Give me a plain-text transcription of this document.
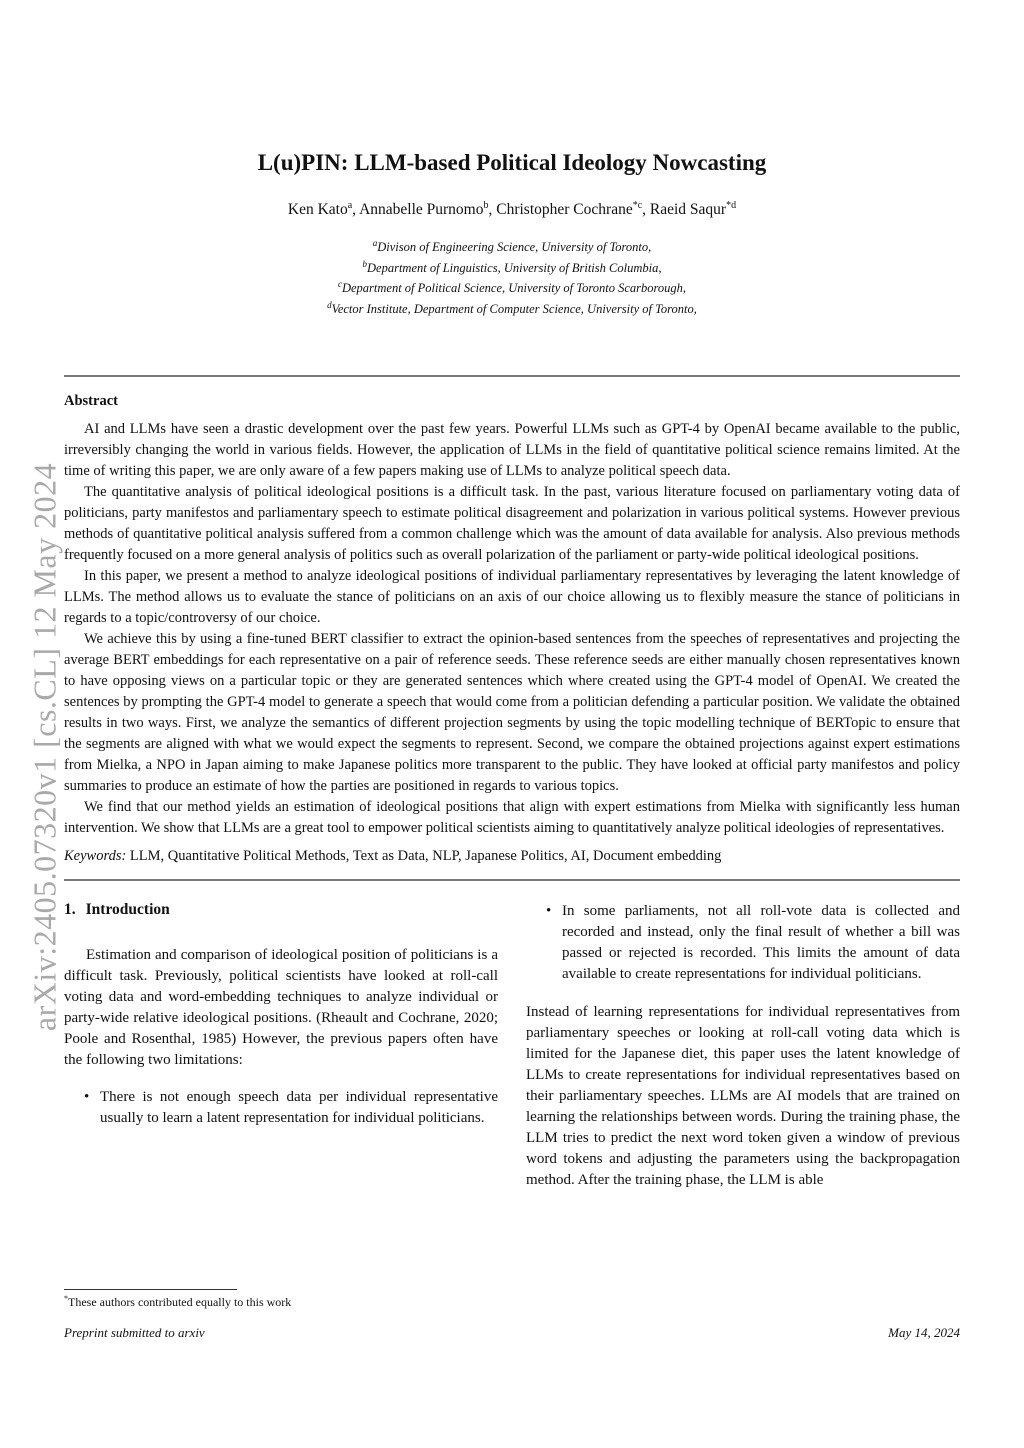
arXiv:2405.07320v1 [cs.CL] 12 May 2024
L(u)PIN: LLM-based Political Ideology Nowcasting
Ken Kato$^a$, Annabelle Purnomo$^b$, Christopher Cochrane$^{*c}$, Raeid Saqur$^{*d}$
$^a$Divison of Engineering Science, University of Toronto,
$^b$Department of Linguistics, University of British Columbia,
$^c$Department of Political Science, University of Toronto Scarborough,
$^d$Vector Institute, Department of Computer Science, University of Toronto,
Abstract

AI and LLMs have seen a drastic development over the past few years. Powerful LLMs such as GPT-4 by OpenAI became available to the public, irreversibly changing the world in various fields. However, the application of LLMs in the field of quantitative political science remains limited. At the time of writing this paper, we are only aware of a few papers making use of LLMs to analyze political speech data.

The quantitative analysis of political ideological positions is a difficult task. In the past, various literature focused on parliamentary voting data of politicians, party manifestos and parliamentary speech to estimate political disagreement and polarization in various political systems. However previous methods of quantitative political analysis suffered from a common challenge which was the amount of data available for analysis. Also previous methods frequently focused on a more general analysis of politics such as overall polarization of the parliament or party-wide political ideological positions.

In this paper, we present a method to analyze ideological positions of individual parliamentary representatives by leveraging the latent knowledge of LLMs. The method allows us to evaluate the stance of politicians on an axis of our choice allowing us to flexibly measure the stance of politicians in regards to a topic/controversy of our choice.

We achieve this by using a fine-tuned BERT classifier to extract the opinion-based sentences from the speeches of representatives and projecting the average BERT embeddings for each representative on a pair of reference seeds. These reference seeds are either manually chosen representatives known to have opposing views on a particular topic or they are generated sentences which where created using the GPT-4 model of OpenAI. We created the sentences by prompting the GPT-4 model to generate a speech that would come from a politician defending a particular position. We validate the obtained results in two ways. First, we analyze the semantics of different projection segments by using the topic modelling technique of BERTopic to ensure that the segments are aligned with what we would expect the segments to represent. Second, we compare the obtained projections against expert estimations from Mielka, a NPO in Japan aiming to make Japanese politics more transparent to the public. They have looked at official party manifestos and policy summaries to produce an estimate of how the parties are positioned in regards to various topics.

We find that our method yields an estimation of ideological positions that align with expert estimations from Mielka with significantly less human intervention. We show that LLMs are a great tool to empower political scientists aiming to quantitatively analyze political ideologies of representatives.

Keywords: LLM, Quantitative Political Methods, Text as Data, NLP, Japanese Politics, AI, Document embedding
1. Introduction

Estimation and comparison of ideological position of politicians is a difficult task. Previously, political scientists have looked at roll-call voting data and word-embedding techniques to analyze individual or party-wide relative ideological positions. (Rheault and Cochrane, 2020; Poole and Rosenthal, 1985) However, the previous papers often have the following two limitations:

• There is not enough speech data per individual representative usually to learn a latent representation for individual politicians.
• In some parliaments, not all roll-vote data is collected and recorded and instead, only the final result of whether a bill was passed or rejected is recorded. This limits the amount of data available to create representations for individual politicians.

Instead of learning representations for individual representatives from parliamentary speeches or looking at roll-call voting data which is limited for the Japanese diet, this paper uses the latent knowledge of LLMs to create representations for individual representatives based on their parliamentary speeches. LLMs are AI models that are trained on learning the relationships between words. During the training phase, the LLM tries to predict the next word token given a window of previous word tokens and adjusting the parameters using the backpropagation method. After the training phase, the LLM is able

*These authors contributed equally to this work
Preprint submitted to arxiv	May 14, 2024
